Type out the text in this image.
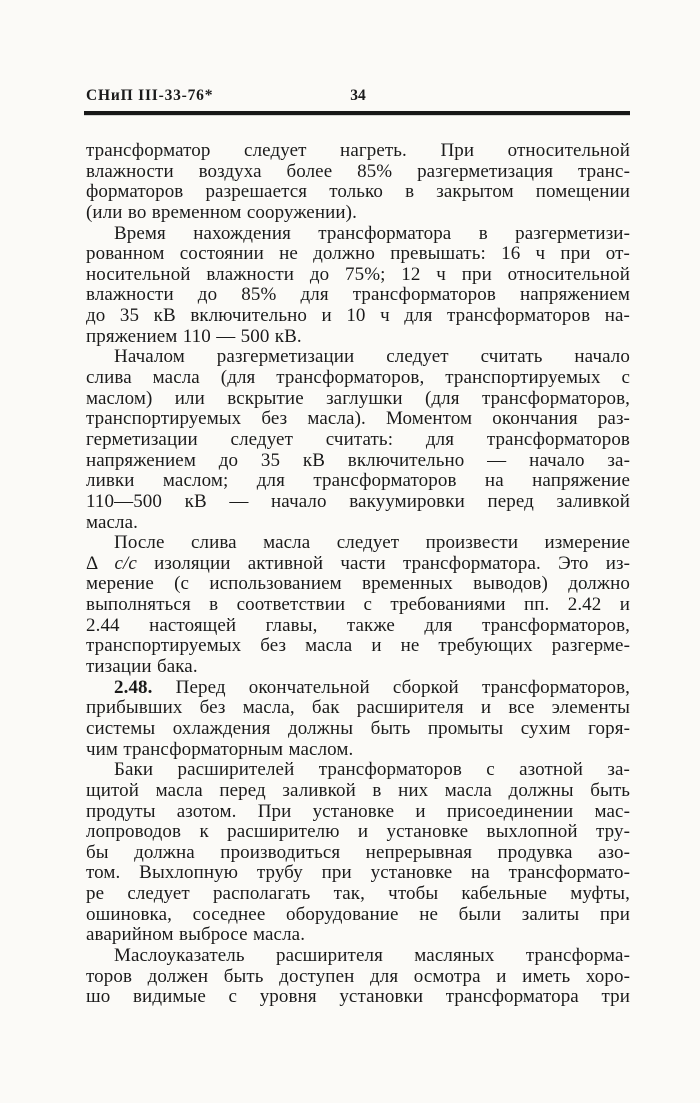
СНиП III-33-76*	34
трансформатор следует нагреть. При относительной
влажности воздуха более 85% разгерметизация транс-
форматоров разрешается только в закрытом помещении
(или во временном сооружении).
Время нахождения трансформатора в разгерметизи-
рованном состоянии не должно превышать: 16 ч при от-
носительной влажности до 75%; 12 ч при относительной
влажности до 85% для трансформаторов напряжением
до 35 кВ включительно и 10 ч для трансформаторов на-
пряжением 110 — 500 кВ.
Началом разгерметизации следует считать начало
слива масла (для трансформаторов, транспортируемых с
маслом) или вскрытие заглушки (для трансформаторов,
транспортируемых без масла). Моментом окончания раз-
герметизации следует считать: для трансформаторов
напряжением до 35 кВ включительно — начало за-
ливки маслом; для трансформаторов на напряжение
110—500 кВ — начало вакуумировки перед заливкой
масла.
После слива масла следует произвести измерение
Δ c/c изоляции активной части трансформатора. Это из-
мерение (с использованием временных выводов) должно
выполняться в соответствии с требованиями пп. 2.42 и
2.44 настоящей главы, также для трансформаторов,
транспортируемых без масла и не требующих разгерме-
тизации бака.
2.48. Перед окончательной сборкой трансформаторов,
прибывших без масла, бак расширителя и все элементы
системы охлаждения должны быть промыты сухим горя-
чим трансформаторным маслом.
Баки расширителей трансформаторов с азотной за-
щитой масла перед заливкой в них масла должны быть
продуты азотом. При установке и присоединении мас-
лопроводов к расширителю и установке выхлопной тру-
бы должна производиться непрерывная продувка азо-
том. Выхлопную трубу при установке на трансформато-
ре следует располагать так, чтобы кабельные муфты,
ошиновка, соседнее оборудование не были залиты при
аварийном выбросе масла.
Маслоуказатель расширителя масляных трансформа-
торов должен быть доступен для осмотра и иметь хоро-
шо видимые с уровня установки трансформатора три
